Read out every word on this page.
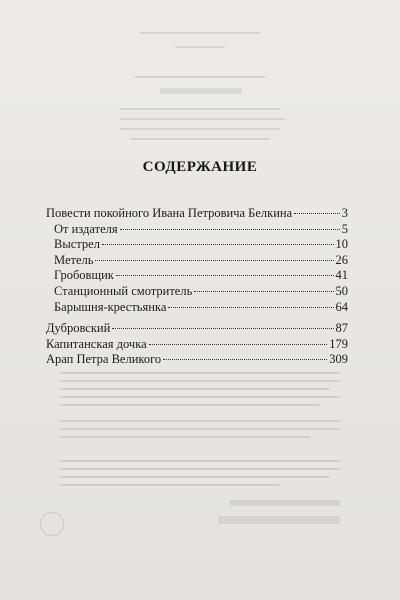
СОДЕРЖАНИЕ
Повести покойного Ивана Петровича Белкина	3
От издателя	5
Выстрел	10
Метель	26
Гробовщик	41
Станционный смотритель	50
Барышня-крестьянка	64
Дубровский	87
Капитанская дочка	179
Арап Петра Великого	309
